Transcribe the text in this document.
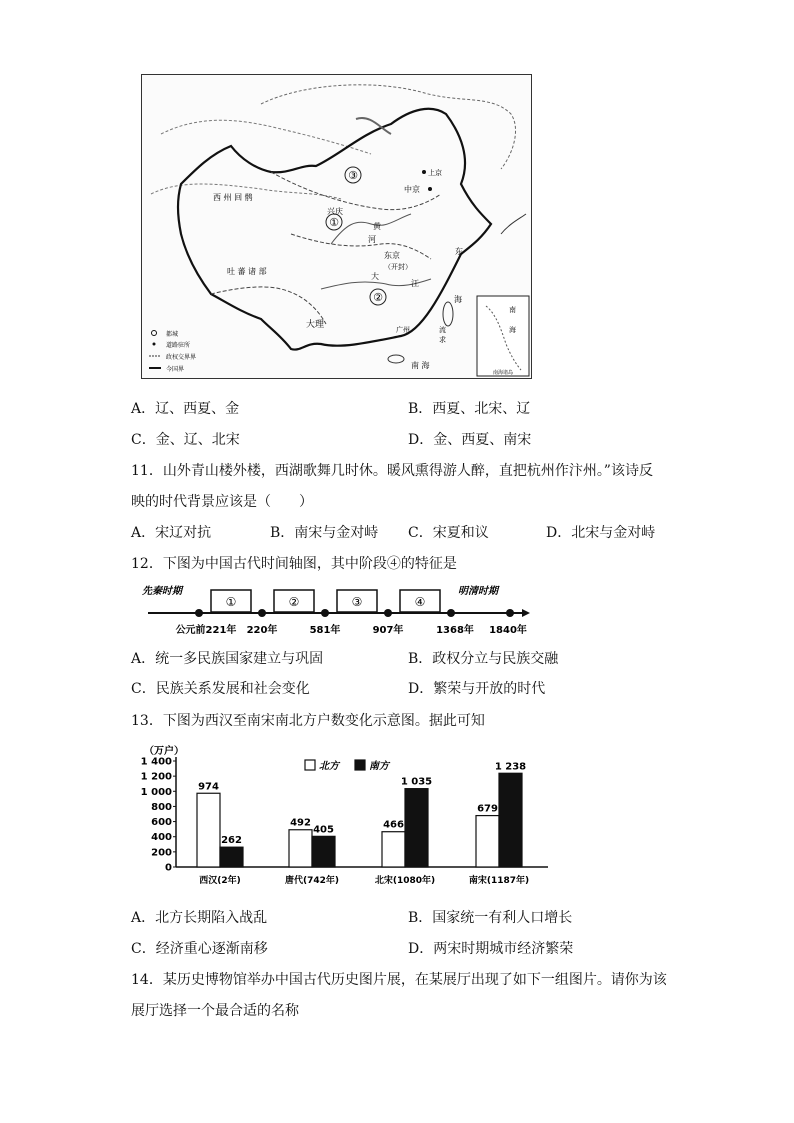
③
①
②
上京
中京
兴庆
西 州 回 鹘
吐 蕃 诸 部
大理
东京
（开封）
广州
南 海
河
黄
江
大
东
海
流
求
南
海
南海诸岛
都城
道路驻所
政权交界界
今国界
A．辽、西夏、金	B．西夏、北宋、辽
C．金、辽、北宋	D．金、西夏、南宋
11．山外青山楼外楼，西湖歌舞几时休。暖风熏得游人醉，直把杭州作汴州。”该诗反
映的时代背景应该是（　　）
A．宋辽对抗	B．南宋与金对峙 C．宋夏和议	D．北宋与金对峙
12．下图为中国古代时间轴图，其中阶段④的特征是
先秦时期	明清时期
①	②	③	④
公元前221年 220年	581年	907年	1368年 1840年
A．统一多民族国家建立与巩固	B．政权分立与民族交融
C．民族关系发展和社会变化	D．繁荣与开放的时代
13．下图为西汉至南宋南北方户数变化示意图。据此可知
（万户）
0
200
400
600
800
1 000
1 200
1 400
974
262
西汉(2年)
492
405
唐代(742年)
466
1 035
北宋(1080年)
679
1 238
南宋(1187年)
北方	南方
A．北方长期陷入战乱	B．国家统一有利人口增长
C．经济重心逐渐南移	D．两宋时期城市经济繁荣
14．某历史博物馆举办中国古代历史图片展，在某展厅出现了如下一组图片。请你为该
展厅选择一个最合适的名称
